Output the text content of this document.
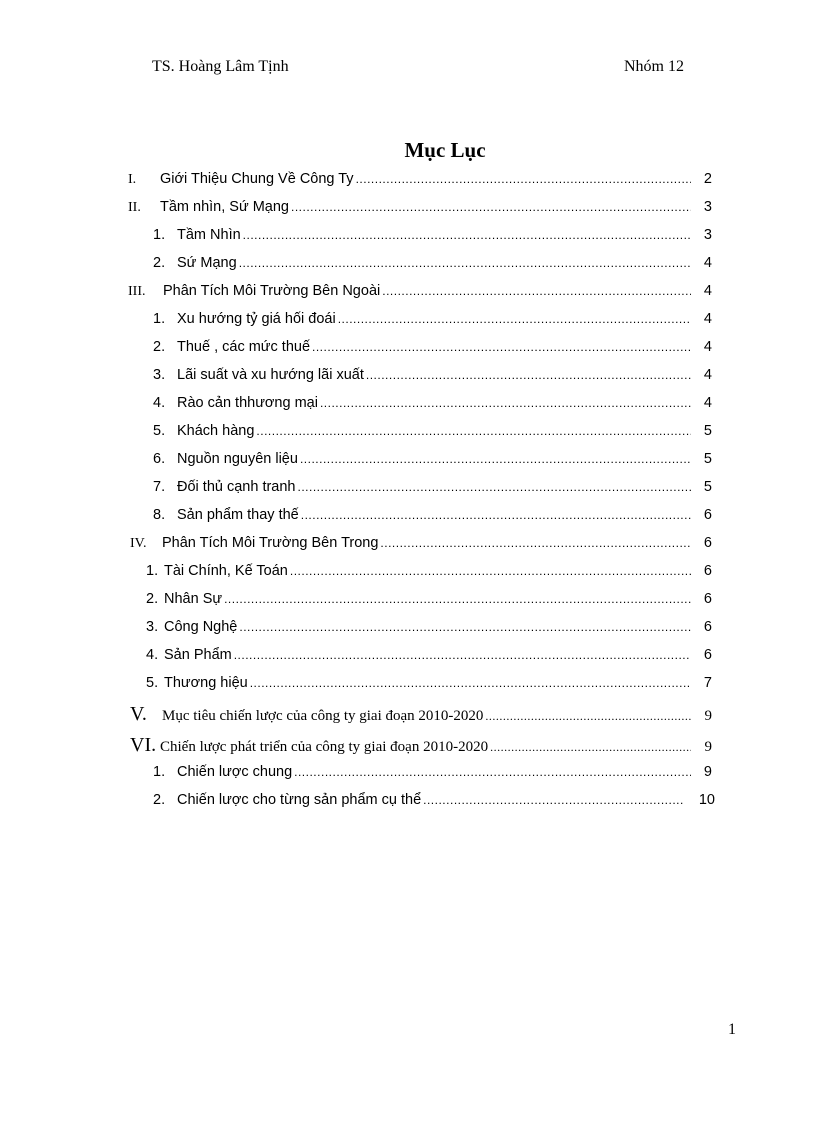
TS. Hoàng Lâm Tịnh	Nhóm 12
Mục Lục
I.	Giới Thiệu Chung Về Công Ty .....	2
II.	Tầm nhìn, Sứ Mạng .....	3
1. Tầm Nhìn .....	3
2. Sứ Mạng .....	4
III.	Phân Tích Môi Trường Bên Ngoài .....	4
1. Xu hướng tỷ giá hối đoái .....	4
2. Thuế , các mức thuế .....	4
3. Lãi suất và xu hướng lãi xuất .....	4
4. Rào cản thhương mại .....	4
5. Khách hàng .....	5
6. Nguồn nguyên liệu .....	5
7. Đối thủ cạnh tranh .....	5
8. Sản phẩm thay thế .....	6
IV.	Phân Tích Môi Trường Bên Trong .....	6
1. Tài Chính, Kế Toán .....	6
2. Nhân Sự .....	6
3. Công Nghệ .....	6
4. Sản Phẩm .....	6
5. Thương hiệu .....	7
V.	Mục tiêu chiến lược của công ty giai đoạn 2010-2020 .....	9
VI. Chiến lược phát triển của công ty giai đoạn 2010-2020 .....	9
1. Chiến lược chung .....	9
2. Chiến lược cho từng sản phẩm cụ thể .....	10
1
